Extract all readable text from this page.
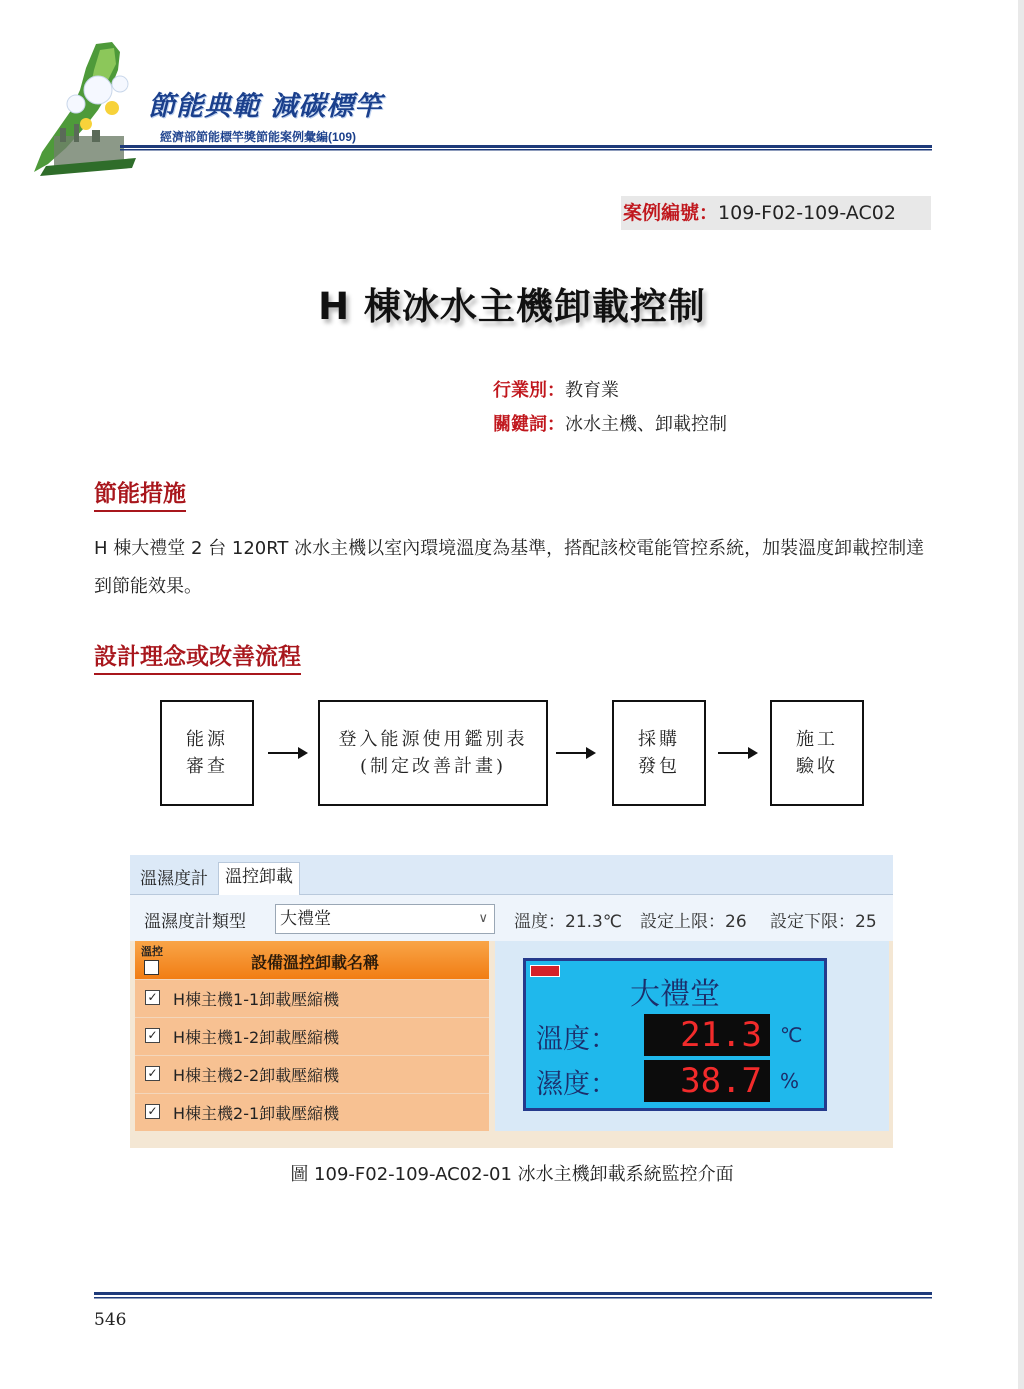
節能典範 減碳標竿
經濟部節能標竿獎節能案例彙編(109)
案例編號：109-F02-109-AC02
H 棟冰水主機卸載控制
行業別：教育業
關鍵詞：冰水主機、卸載控制
節能措施
H 棟大禮堂 2 台 120RT 冰水主機以室內環境溫度為基準，搭配該校電能管控系統，加裝溫度卸載控制達到節能效果。
設計理念或改善流程
能源
審查
登入能源使用鑑別表
(制定改善計畫)
採購
發包
施工
驗收
溫濕度計	溫控卸載
溫濕度計類型 大禮堂	∨ 溫度：21.3℃ 設定上限：26 設定下限：25
溫控
設備溫控卸載名稱
✓ H棟主機1-1卸載壓縮機
✓ H棟主機1-2卸載壓縮機
✓ H棟主機2-2卸載壓縮機
✓ H棟主機2-1卸載壓縮機
大禮堂
溫度：	21.3 ℃
濕度：	38.7 %
圖 109-F02-109-AC02-01 冰水主機卸載系統監控介面
546
